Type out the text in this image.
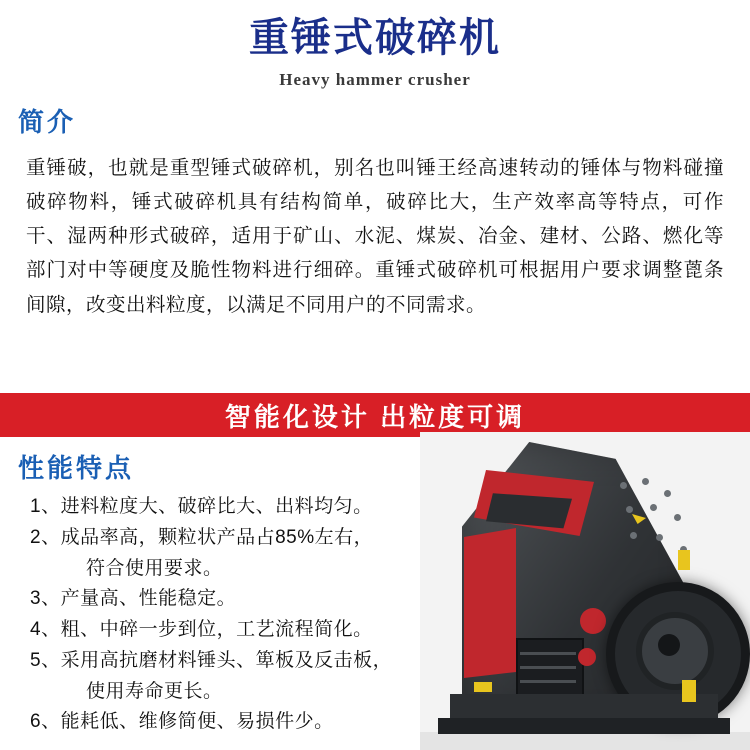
重锤式破碎机
Heavy hammer crusher
简介
重锤破，也就是重型锤式破碎机，别名也叫锤王经高速转动的锤体与物料碰撞破碎物料，锤式破碎机具有结构简单，破碎比大，生产效率高等特点，可作干、湿两种形式破碎，适用于矿山、水泥、煤炭、冶金、建材、公路、燃化等部门对中等硬度及脆性物料进行细碎。重锤式破碎机可根据用户要求调整蓖条间隙，改变出料粒度，以满足不同用户的不同需求。
智能化设计 出粒度可调
性能特点
1、进料粒度大、破碎比大、出料均匀。
2、成品率高，颗粒状产品占85%左右，
符合使用要求。
3、产量高、性能稳定。
4、粗、中碎一步到位，工艺流程简化。
5、采用高抗磨材料锤头、箄板及反击板，
使用寿命更长。
6、能耗低、维修简便、易损件少。
